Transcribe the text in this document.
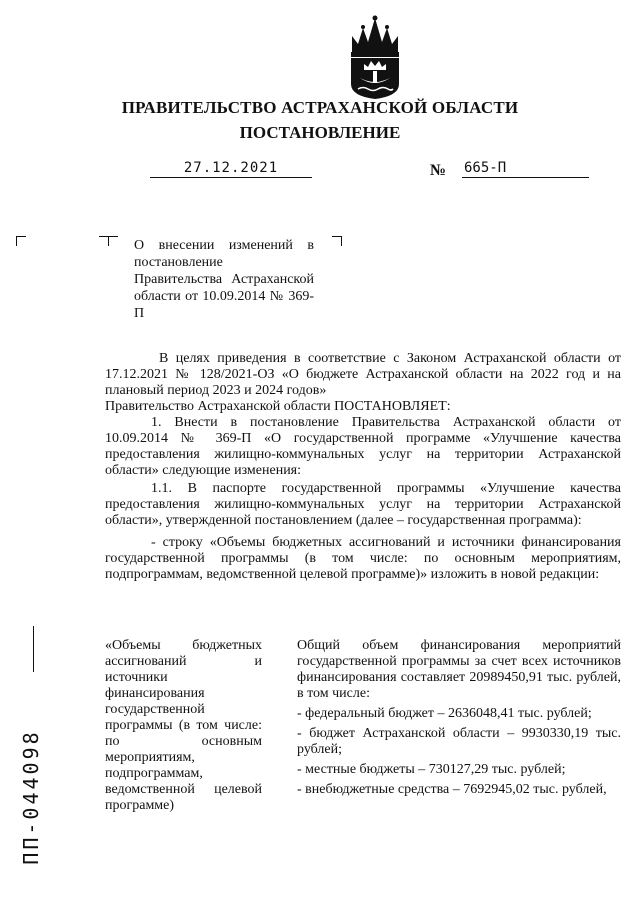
ПРАВИТЕЛЬСТВО АСТРАХАНСКОЙ ОБЛАСТИ
ПОСТАНОВЛЕНИЕ
27.12.2021	№ 665-П
О внесении изменений в постановление Правительства Астраханской области от 10.09.2014 № 369-П

В целях приведения в соответствие с Законом Астраханской области от 17.12.2021 № 128/2021-ОЗ «О бюджете Астраханской области на 2022 год и на плановый период 2023 и 2024 годов»

Правительство Астраханской области ПОСТАНОВЛЯЕТ:

1. Внести в постановление Правительства Астраханской области от 10.09.2014 № 369-П «О государственной программе «Улучшение качества предоставления жилищно-коммунальных услуг на территории Астраханской области» следующие изменения:

1.1. В паспорте государственной программы «Улучшение качества предоставления жилищно-коммунальных услуг на территории Астраханской области», утвержденной постановлением (далее – государственная программа):

- строку «Объемы бюджетных ассигнований и источники финансирования государственной программы (в том числе: по основным мероприятиям, подпрограммам, ведомственной целевой программе)» изложить в новой редакции:

«Объемы бюджетных ассигнований и источники финансирования государственной программы (в том числе: по основным мероприятиям, подпрограммам, ведомственной целевой программе)

Общий объем финансирования мероприятий государственной программы за счет всех источников финансирования составляет 20989450,91 тыс. рублей, в том числе:

- федеральный бюджет – 2636048,41 тыс. рублей;

- бюджет Астраханской области – 9930330,19 тыс. рублей;

- местные бюджеты – 730127,29 тыс. рублей;

- внебюджетные средства – 7692945,02 тыс. рублей,

ПП-044098
